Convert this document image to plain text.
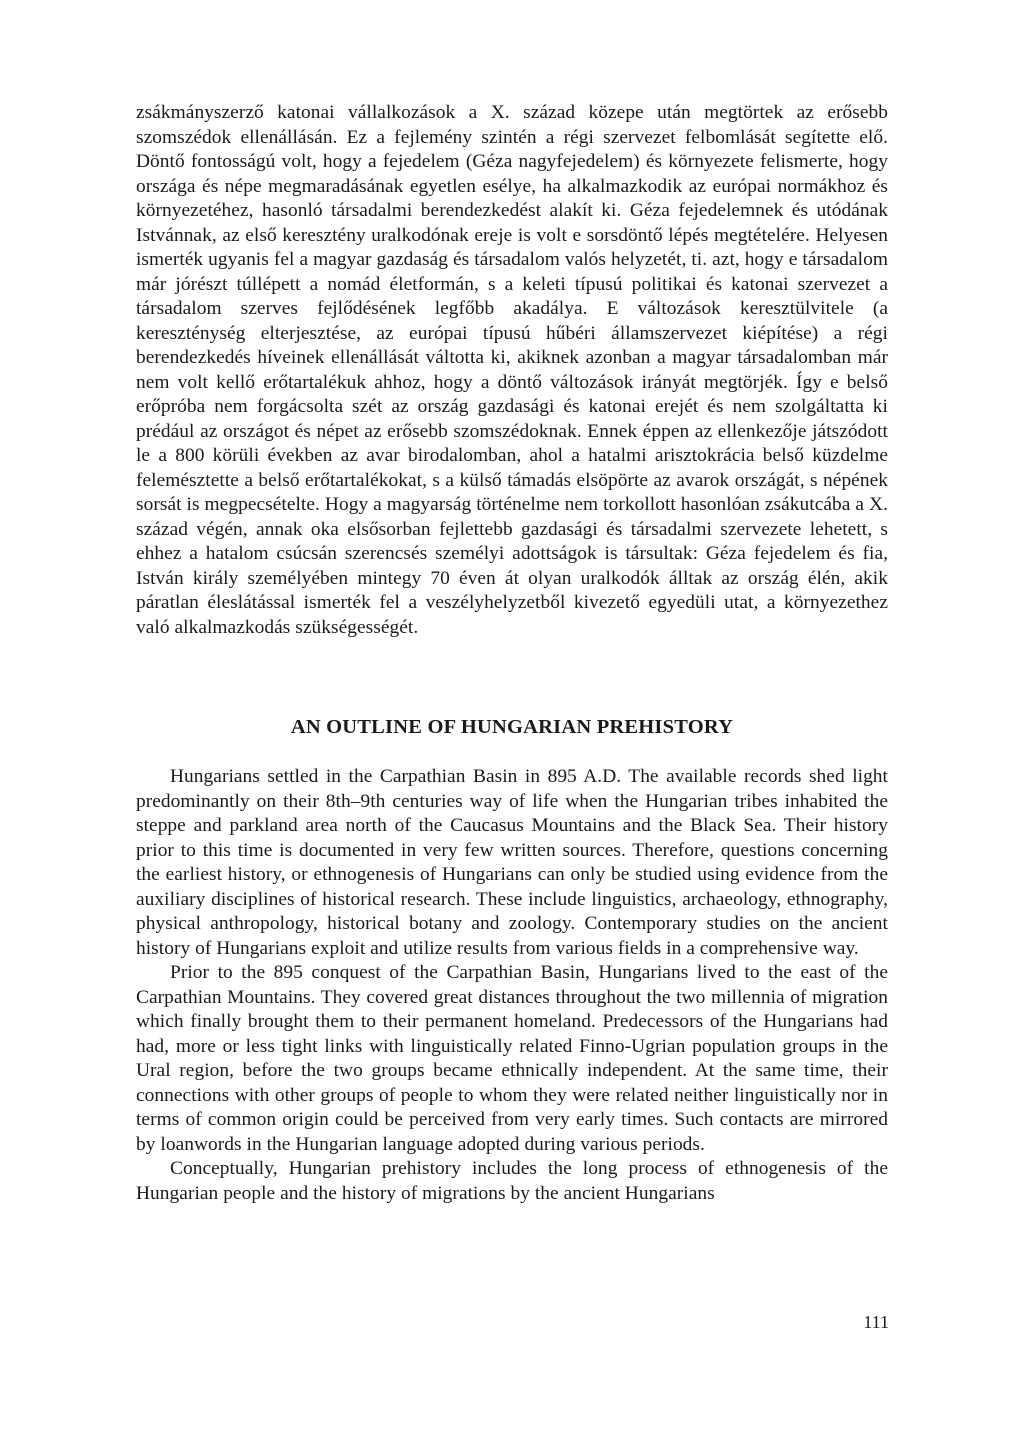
zsákmányszerző katonai vállalkozások a X. század közepe után megtörtek az erősebb szomszédok ellenállásán. Ez a fejlemény szintén a régi szervezet felbomlását segítette elő. Döntő fontosságú volt, hogy a fejedelem (Géza nagyfejedelem) és környezete felismerte, hogy országa és népe megmaradásának egyetlen esélye, ha alkalmazkodik az európai normákhoz és környezetéhez, hasonló társadalmi berendezkedést alakít ki. Géza fejedelemnek és utódának Istvánnak, az első keresztény uralkodónak ereje is volt e sorsdöntő lépés megtételére. Helyesen ismerték ugyanis fel a magyar gazdaság és társadalom valós helyzetét, ti. azt, hogy e társadalom már jórészt túllépett a nomád életformán, s a keleti típusú politikai és katonai szervezet a társadalom szerves fejlődésének legfőbb akadálya. E változások keresztülvitele (a kereszténység elterjesztése, az európai típusú hűbéri államszervezet kiépítése) a régi berendezkedés híveinek ellenállását váltotta ki, akiknek azonban a magyar társadalomban már nem volt kellő erőtartalékuk ahhoz, hogy a döntő változások irányát megtörjék. Így e belső erőpróba nem forgácsolta szét az ország gazdasági és katonai erejét és nem szolgáltatta ki prédául az országot és népet az erősebb szomszédoknak. Ennek éppen az ellenkezője játszódott le a 800 körüli években az avar birodalomban, ahol a hatalmi arisztokrácia belső küzdelme felemésztette a belső erőtartalékokat, s a külső támadás elsöpörte az avarok országát, s népének sorsát is megpecsételte. Hogy a magyarság történelme nem torkollott hasonlóan zsákutcába a X. század végén, annak oka elsősorban fejlettebb gazdasági és társadalmi szervezete lehetett, s ehhez a hatalom csúcsán szerencsés személyi adottságok is társultak: Géza fejedelem és fia, István király személyében mintegy 70 éven át olyan uralkodók álltak az ország élén, akik páratlan éleslátással ismerték fel a veszélyhelyzetből kivezető egyedüli utat, a környezethez való alkalmazkodás szükségességét.

AN OUTLINE OF HUNGARIAN PREHISTORY

Hungarians settled in the Carpathian Basin in 895 A.D. The available records shed light predominantly on their 8th–9th centuries way of life when the Hungarian tribes inhabited the steppe and parkland area north of the Caucasus Mountains and the Black Sea. Their history prior to this time is documented in very few written sources. Therefore, questions concerning the earliest history, or ethnogenesis of Hungarians can only be studied using evidence from the auxiliary disciplines of historical research. These include linguistics, archaeology, ethnography, physical anthropology, historical botany and zoology. Contemporary studies on the ancient history of Hungarians exploit and utilize results from various fields in a comprehensive way.

Prior to the 895 conquest of the Carpathian Basin, Hungarians lived to the east of the Carpathian Mountains. They covered great distances throughout the two millennia of migration which finally brought them to their permanent homeland. Predecessors of the Hungarians had had, more or less tight links with linguistically related Finno-Ugrian population groups in the Ural region, before the two groups became ethnically independent. At the same time, their connections with other groups of people to whom they were related neither linguistically nor in terms of common origin could be perceived from very early times. Such contacts are mirrored by loanwords in the Hungarian language adopted during various periods.

Conceptually, Hungarian prehistory includes the long process of ethnogenesis of the Hungarian people and the history of migrations by the ancient Hungarians

111
